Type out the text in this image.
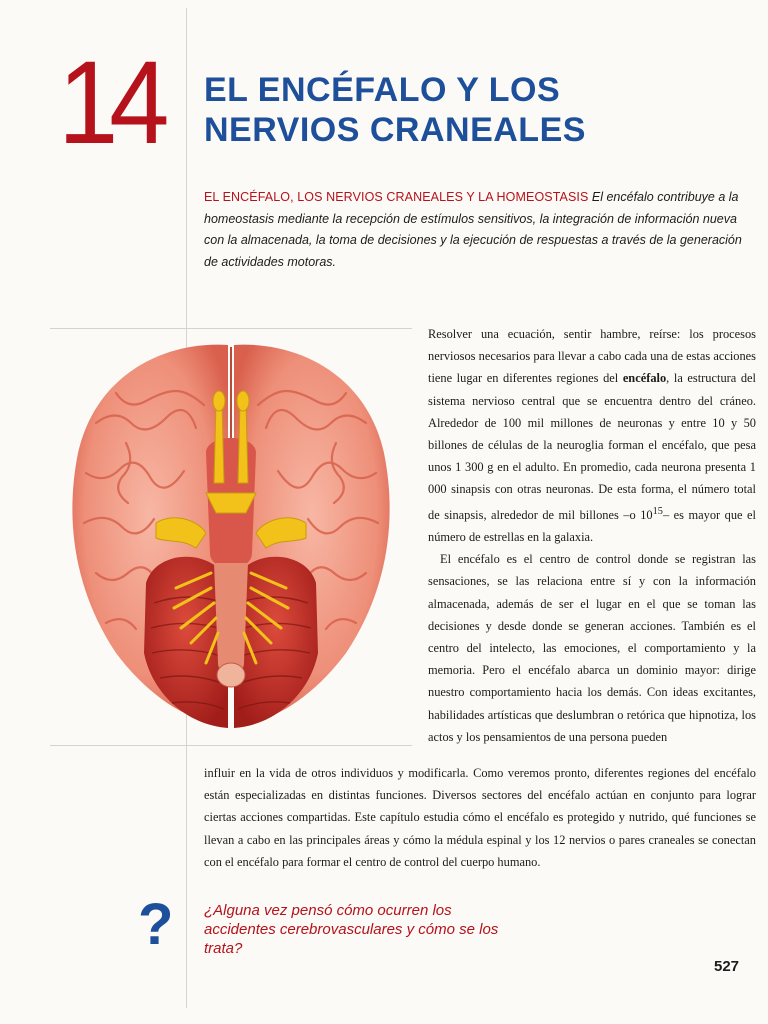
14 EL ENCÉFALO Y LOS
NERVIOS CRANEALES

EL ENCÉFALO, LOS NERVIOS CRANEALES Y LA HOMEOSTASIS El encéfalo contribuye a la homeostasis mediante la recepción de estímulos sensitivos, la integración de información nueva con la almacenada, la toma de decisiones y la ejecución de respuestas a través de la generación de actividades motoras.

Resolver una ecuación, sentir hambre, reírse: los procesos nerviosos necesarios para llevar a cabo cada una de estas acciones tiene lugar en diferentes regiones del encéfalo, la estructura del sistema nervioso central que se encuentra dentro del cráneo. Alrededor de 100 mil millones de neuronas y entre 10 y 50 billones de células de la neuroglia forman el encéfalo, que pesa unos 1 300 g en el adulto. En promedio, cada neurona presenta 1 000 sinapsis con otras neuronas. De esta forma, el número total de sinapsis, alrededor de mil billones –o $10^{15}-$ es mayor que el número de estrellas en la galaxia.

El encéfalo es el centro de control donde se registran las sensaciones, se las relaciona entre sí y con la información almacenada, además de ser el lugar en el que se toman las decisiones y desde donde se generan acciones. También es el centro del intelecto, las emociones, el comportamiento y la memoria. Pero el encéfalo abarca un dominio mayor: dirige nuestro comportamiento hacia los demás. Con ideas excitantes, habilidades artísticas que deslumbran o retórica que hipnotiza, los actos y los pensamientos de una persona pueden

influir en la vida de otros individuos y modificarla. Como veremos pronto, diferentes regiones del encéfalo están especializadas en distintas funciones. Diversos sectores del encéfalo actúan en conjunto para lograr ciertas acciones compartidas. Este capítulo estudia cómo el encéfalo es protegido y nutrido, qué funciones se llevan a cabo en las principales áreas y cómo la médula espinal y los 12 nervios o pares craneales se conectan con el encéfalo para formar el centro de control del cuerpo humano.

? ¿Alguna vez pensó cómo ocurren los accidentes cerebrovasculares y cómo se los trata?

527
